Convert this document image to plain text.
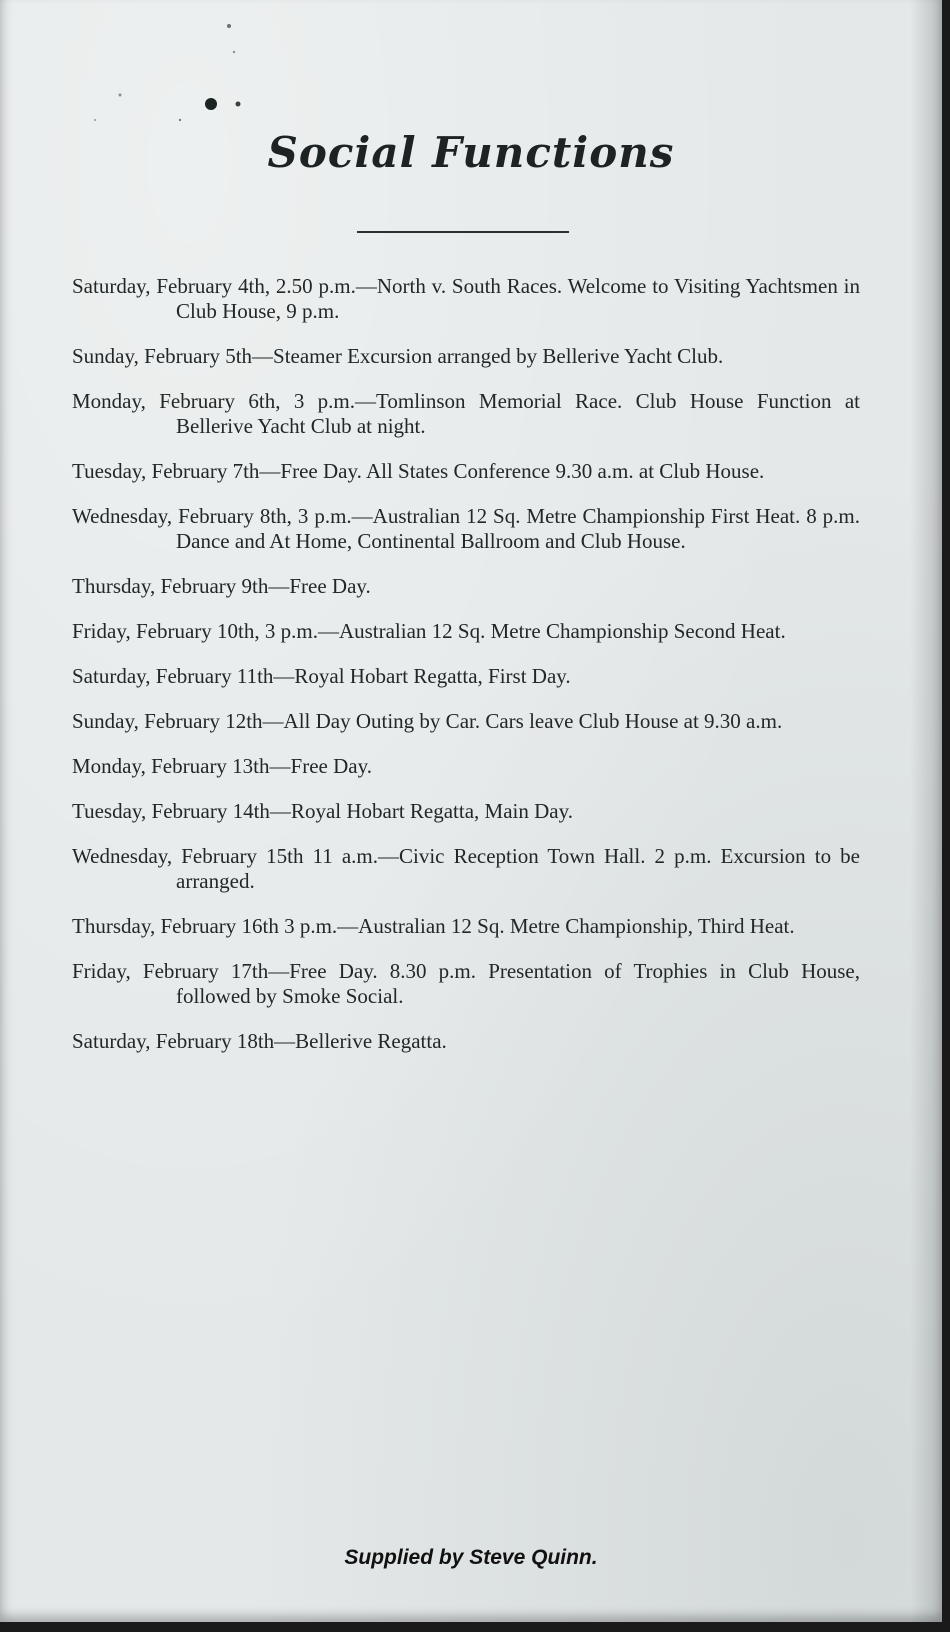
Social Functions
Saturday, February 4th, 2.50 p.m.—North v. South Races. Welcome to Visiting Yachtsmen in Club House, 9 p.m.
Sunday, February 5th—Steamer Excursion arranged by Bellerive Yacht Club.
Monday, February 6th, 3 p.m.—Tomlinson Memorial Race. Club House Function at Bellerive Yacht Club at night.
Tuesday, February 7th—Free Day. All States Conference 9.30 a.m. at Club House.
Wednesday, February 8th, 3 p.m.—Australian 12 Sq. Metre Championship First Heat. 8 p.m. Dance and At Home, Continental Ballroom and Club House.
Thursday, February 9th—Free Day.
Friday, February 10th, 3 p.m.—Australian 12 Sq. Metre Championship Second Heat.
Saturday, February 11th—Royal Hobart Regatta, First Day.
Sunday, February 12th—All Day Outing by Car. Cars leave Club House at 9.30 a.m.
Monday, February 13th—Free Day.
Tuesday, February 14th—Royal Hobart Regatta, Main Day.
Wednesday, February 15th 11 a.m.—Civic Reception Town Hall. 2 p.m. Excursion to be arranged.
Thursday, February 16th 3 p.m.—Australian 12 Sq. Metre Championship, Third Heat.
Friday, February 17th—Free Day. 8.30 p.m. Presentation of Trophies in Club House, followed by Smoke Social.
Saturday, February 18th—Bellerive Regatta.
Supplied by Steve Quinn.
